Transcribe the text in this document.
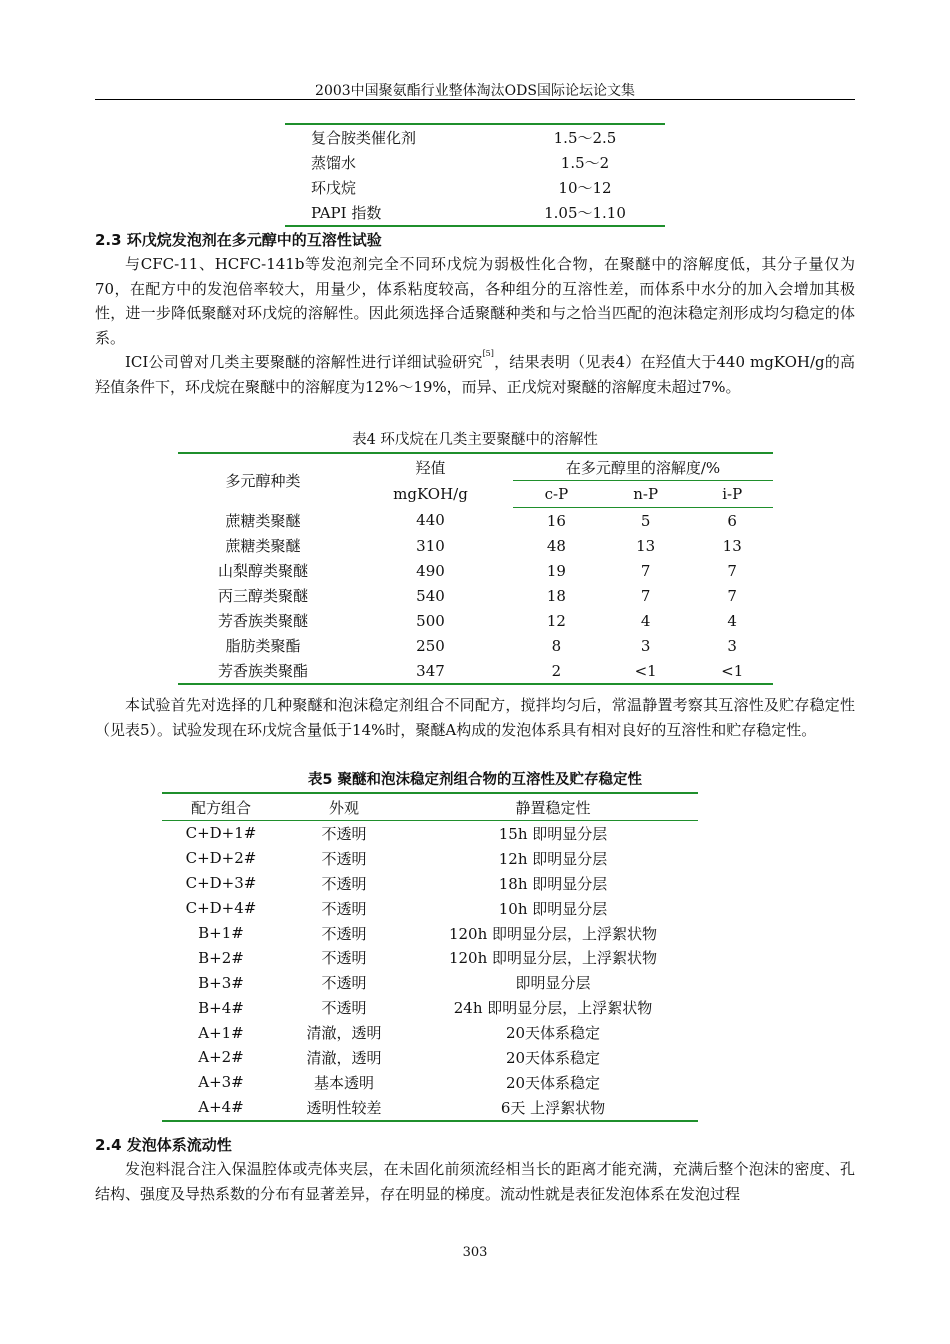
2003中国聚氨酯行业整体淘汰ODS国际论坛论文集
复合胺类催化剂	1.5～2.5
蒸馏水	1.5～2
环戊烷	10～12
PAPI 指数	1.05～1.10
2.3 环戊烷发泡剂在多元醇中的互溶性试验

与CFC-11、HCFC-141b等发泡剂完全不同环戊烷为弱极性化合物，在聚醚中的溶解度低，其分子量仅为70，在配方中的发泡倍率较大，用量少，体系粘度较高，各种组分的互溶性差，而体系中水分的加入会增加其极性，进一步降低聚醚对环戊烷的溶解性。因此须选择合适聚醚种类和与之恰当匹配的泡沫稳定剂形成均匀稳定的体系。

ICI公司曾对几类主要聚醚的溶解性进行详细试验研究[5]，结果表明（见表4）在羟值大于440 mgKOH/g的高羟值条件下，环戊烷在聚醚中的溶解度为12%～19%，而异、正戊烷对聚醚的溶解度未超过7%。

表4 环戊烷在几类主要聚醚中的溶解性
多元醇种类	羟值	在多元醇里的溶解度/%		
	mgKOH/g	c-P	n-P	i-P
蔗糖类聚醚	440	16	5	6
蔗糖类聚醚	310	48	13	13
山梨醇类聚醚	490	19	7	7
丙三醇类聚醚	540	18	7	7
芳香族类聚醚	500	12	4	4
脂肪类聚酯	250	8	3	3
芳香族类聚酯	347	2	<1	<1

本试验首先对选择的几种聚醚和泡沫稳定剂组合不同配方，搅拌均匀后，常温静置考察其互溶性及贮存稳定性（见表5）。试验发现在环戊烷含量低于14%时，聚醚A构成的发泡体系具有相对良好的互溶性和贮存稳定性。

表5 聚醚和泡沫稳定剂组合物的互溶性及贮存稳定性
配方组合	外观	静置稳定性
C+D+1#	不透明	15h 即明显分层
C+D+2#	不透明	12h 即明显分层
C+D+3#	不透明	18h 即明显分层
C+D+4#	不透明	10h 即明显分层
B+1#	不透明	120h 即明显分层，上浮絮状物
B+2#	不透明	120h 即明显分层，上浮絮状物
B+3#	不透明	即明显分层
B+4#	不透明	24h 即明显分层，上浮絮状物
A+1#	清澈，透明	20天体系稳定
A+2#	清澈，透明	20天体系稳定
A+3#	基本透明	20天体系稳定
A+4#	透明性较差	6天 上浮絮状物
2.4 发泡体系流动性

发泡料混合注入保温腔体或壳体夹层，在未固化前须流经相当长的距离才能充满，充满后整个泡沫的密度、孔结构、强度及导热系数的分布有显著差异，存在明显的梯度。流动性就是表征发泡体系在发泡过程

303
